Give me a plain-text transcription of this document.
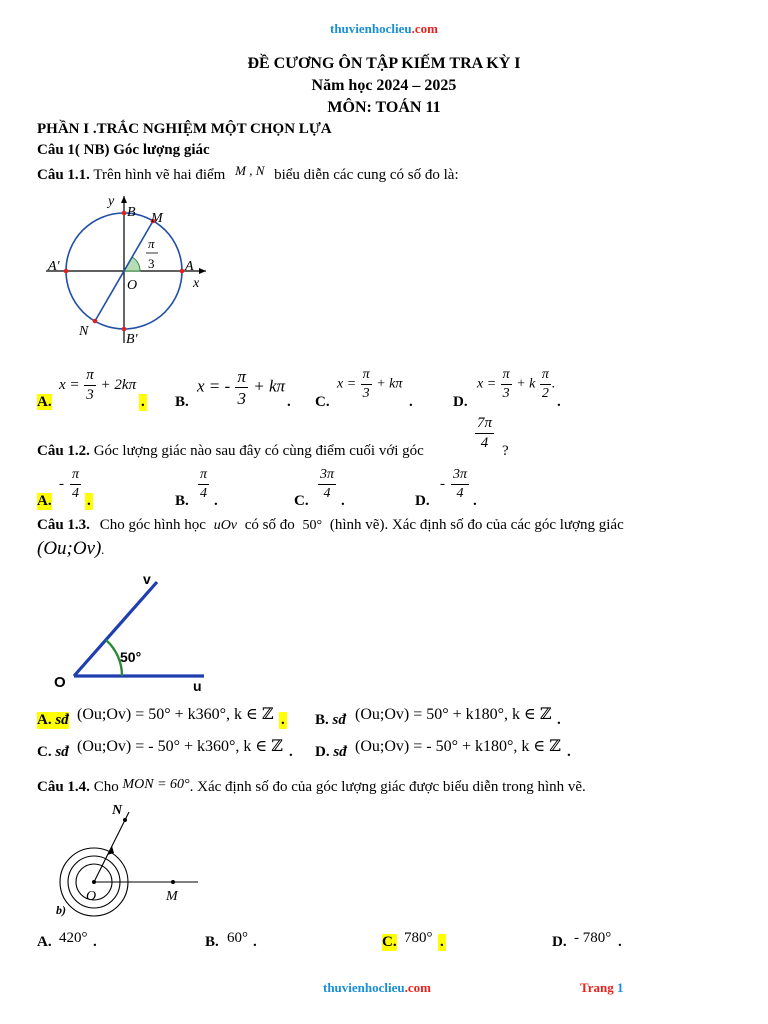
thuvienhoclieu.com
ĐỀ CƯƠNG ÔN TẬP KIẾM TRA KỲ I
Năm học 2024 – 2025
MÔN: TOÁN 11
PHẦN I .TRẮC NGHIỆM MỘT CHỌN LỰA
Câu 1( NB) Góc lượng giác
Câu 1.1. Trên hình vẽ hai điểm M , N biểu diễn các cung có số đo là:
y
B M
π
3
A′	A
O	x
N
B′
A.
$x = \frac{\pi}{3} + 2k\pi$
. B.
x = - $\frac{\pi}{3} + k\pi$
. C.
$x = \frac{\pi}{3} + k\pi$
.	D.
$x = \frac{\pi}{3} + k \frac{\pi}{2}$ .
.
Câu 1.2. Góc lượng giác nào sau đây có cùng điểm cuối với góc	$\frac{7\pi}{4}$ ?
A.
- $\frac{\pi}{4}$ .	B. $\frac{\pi}{4}$ .	C. $\frac{3\pi}{4}$ .	D.
- $\frac{3\pi}{4}$ .
Câu 1.3. Cho góc hình học uOv có số đo 50° (hình vẽ). Xác định số đo của các góc lượng giác
(Ou;Ov).
v
50°
O	u
A. sđ (Ou;Ov) = 50° + k360°, k ∈ ℤ . B. sđ (Ou;Ov) = 50° + k180°, k ∈ ℤ .
C. sđ (Ou;Ov) = - 50° + k360°, k ∈ ℤ . D. sđ (Ou;Ov) = - 50° + k180°, k ∈ ℤ .
Câu 1.4. Cho MON = 60°. Xác định số đo của góc lượng giác được biểu diễn trong hình vẽ.
N
O	M
b)
A. 420° .	B. 60° .	C. 780° .	D. - 780° .
thuvienhoclieu.com	Trang 1
